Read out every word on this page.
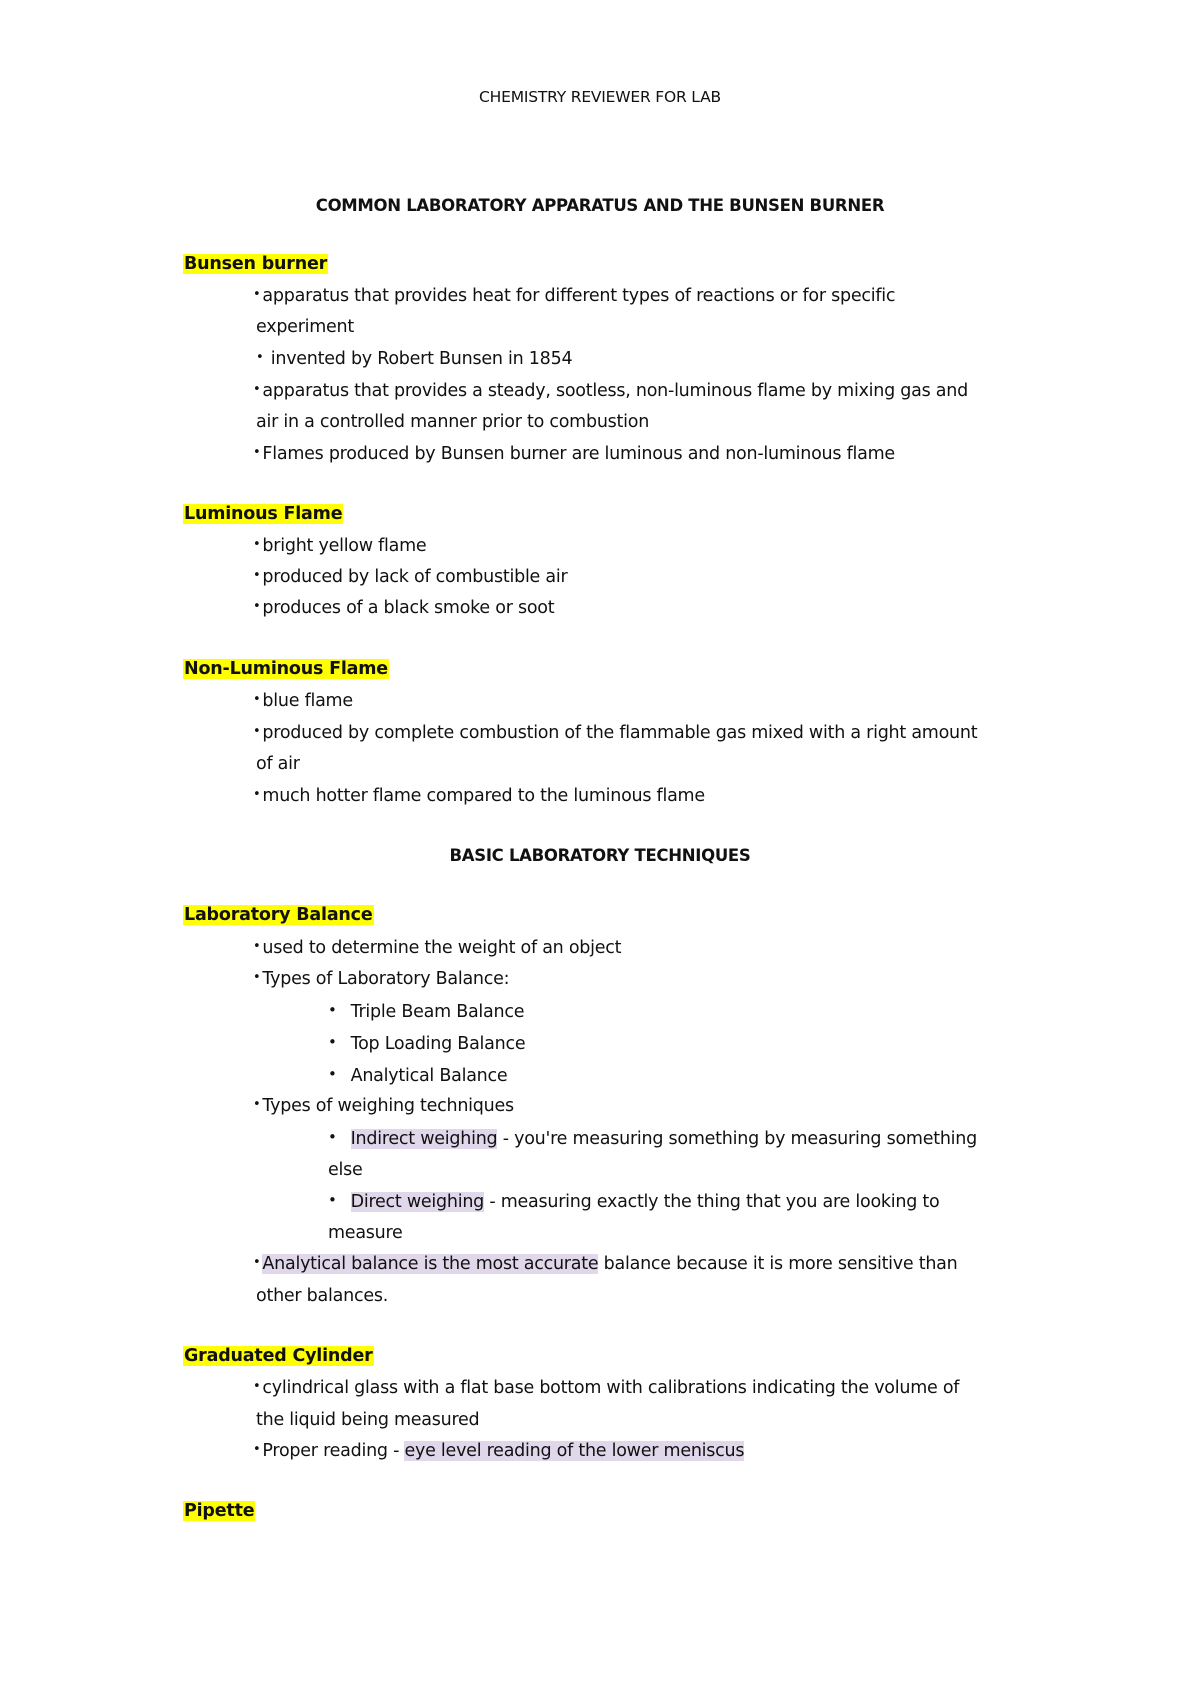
CHEMISTRY REVIEWER FOR LAB
COMMON LABORATORY APPARATUS AND THE BUNSEN BURNER
Bunsen burner
• apparatus that provides heat for different types of reactions or for specific
experiment
• invented by Robert Bunsen in 1854
• apparatus that provides a steady, sootless, non-luminous flame by mixing gas and
air in a controlled manner prior to combustion
• Flames produced by Bunsen burner are luminous and non-luminous flame
Luminous Flame
• bright yellow flame
• produced by lack of combustible air
• produces of a black smoke or soot
Non-Luminous Flame
• blue flame
• produced by complete combustion of the flammable gas mixed with a right amount
of air
• much hotter flame compared to the luminous flame
BASIC LABORATORY TECHNIQUES
Laboratory Balance
• used to determine the weight of an object
• Types of Laboratory Balance:
• Triple Beam Balance
• Top Loading Balance
• Analytical Balance
• Types of weighing techniques
• Indirect weighing - you're measuring something by measuring something
else
• Direct weighing - measuring exactly the thing that you are looking to
measure
• Analytical balance is the most accurate balance because it is more sensitive than
other balances.
Graduated Cylinder
• cylindrical glass with a flat base bottom with calibrations indicating the volume of
the liquid being measured
• Proper reading - eye level reading of the lower meniscus
Pipette
